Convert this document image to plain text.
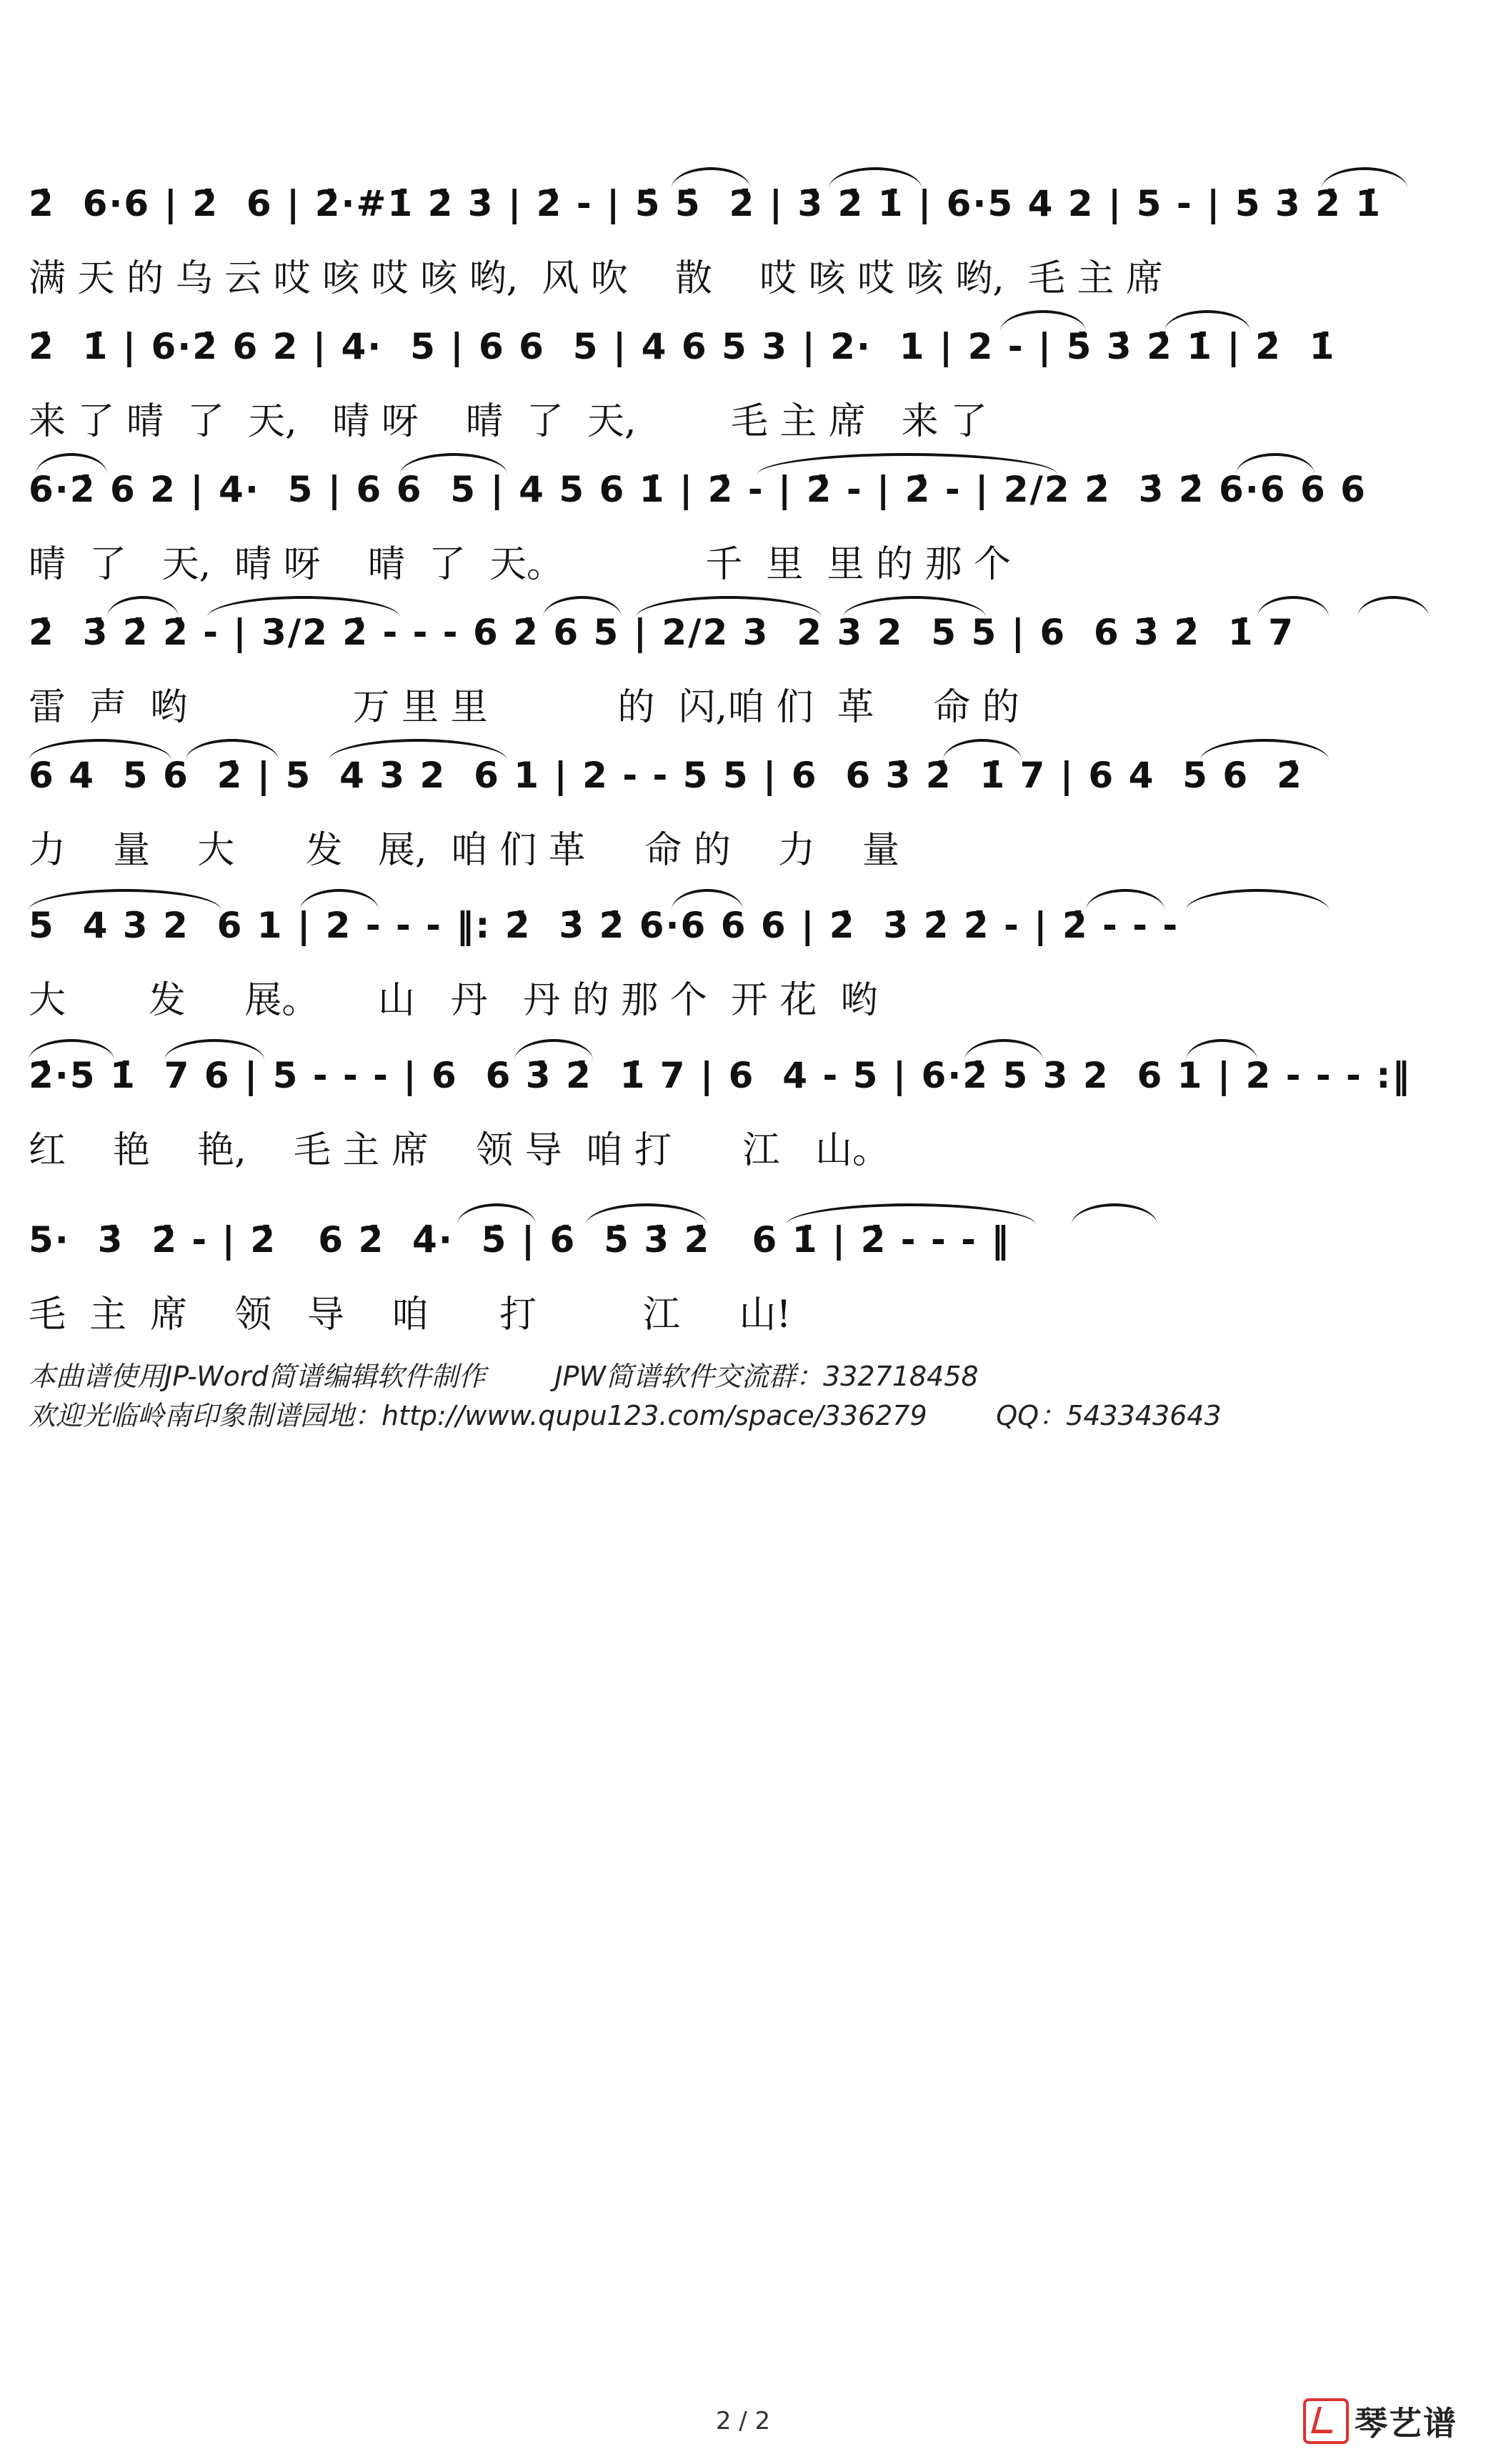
2̇  6·6 | 2̇  6 | 2̇·#1̇ 2̇ 3̇ | 2̇ - | 5̇ 5̇  2̇ | 3̇ 2̇ 1̇ | 6·5 4 2 | 5 - | 5̇ 3̇ 2̇ 1̇
满 天 的 乌 云 哎 咳 哎 咳 哟,  风 吹    散    哎 咳 哎 咳 哟,  毛 主 席
2̇  1̇ | 6·2̇ 6 2 | 4·  5 | 6 6  5 | 4 6 5 3 | 2·  1 | 2 - | 5̇ 3̇ 2̇ 1̇ | 2̇  1̇
来 了 晴  了  天,   晴 呀    晴  了  天,        毛 主 席   来 了
6·2̇ 6 2 | 4·  5 | 6 6  5 | 4 5 6 1̇ | 2̇ - | 2̇ - | 2̇ - | 2/2 2̇  3̇ 2̇ 6·6 6 6
晴  了   天,  晴 呀    晴  了  天。            千  里  里 的 那 个
2̇  3̇ 2̇ 2̇ - | 3/2 2̇ - - - 6 2̇ 6 5 | 2/2 3  2 3 2  5 5 | 6  6 3̇ 2̇  1̇ 7
雷  声  哟              万 里 里           的  闪,咱 们  革     命 的
6 4  5 6  2̇ | 5  4 3 2  6 1 | 2 - - 5 5 | 6  6 3̇ 2̇  1̇ 7 | 6 4  5 6  2̇
力    量    大      发   展,  咱 们 革     命 的    力    量
5  4 3 2  6 1 | 2 - - - ‖: 2̇  3̇ 2̇ 6·6 6 6 | 2̇  3̇ 2̇ 2̇ - | 2̇ - - -
大       发     展。     山   丹   丹 的 那 个  开 花  哟
2̇·5 1̇  7 6 | 5 - - - | 6  6 3̇ 2̇  1̇ 7 | 6  4 - 5 | 6·2̇ 5 3 2  6 1 | 2 - - - :‖
红    艳    艳,    毛 主 席    领 导  咱 打      江   山。
5·  3̇  2̇ - | 2̇   6 2̇  4̇·  5̇ | 6̇  5̇ 3̇ 2̇   6 1̇ | 2̇ - - - ‖
毛  主  席    领   导    咱      打         江     山!
本曲谱使用JP-Word简谱编辑软件制作        JPW简谱软件交流群：332718458
欢迎光临岭南印象制谱园地：http://www.qupu123.com/space/336279        QQ：543343643
2 / 2	琴艺谱
